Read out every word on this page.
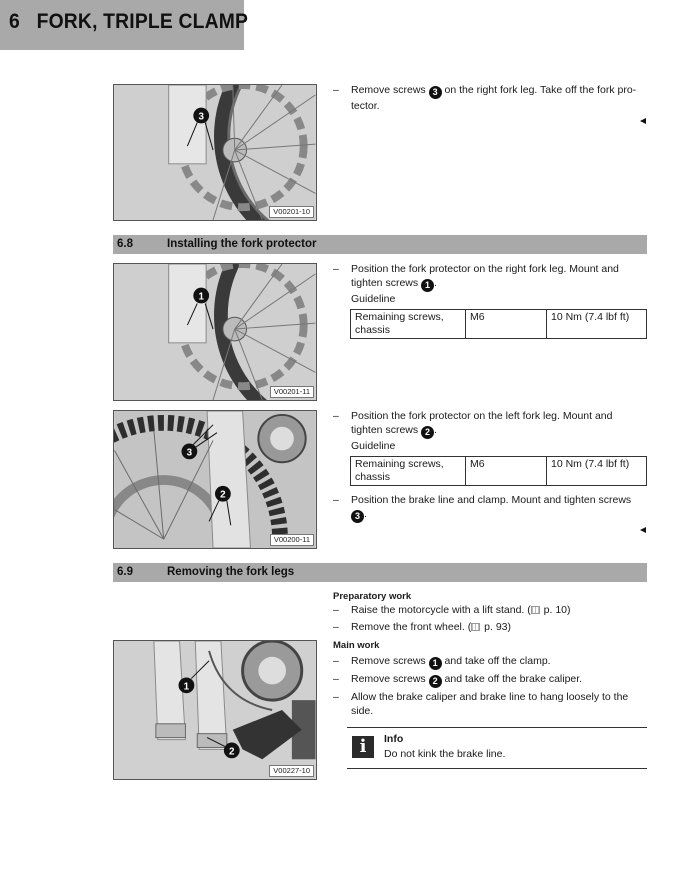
6 FORK, TRIPLE CLAMP
3
V00201-10
– Remove screws 3 on the right fork leg. Take off the fork pro-tector.
6.8	Installing the fork protector
1
V00201-11
– Position the fork protector on the right fork leg. Mount and tighten screws 1 .
Guideline
Remaining screws, chassis	M6	10 Nm (7.4 lbf ft)
3
2
V00200-11
– Position the fork protector on the left fork leg. Mount and tighten screws 2 .
Guideline
Remaining screws, chassis	M6	10 Nm (7.4 lbf ft)
– Position the brake line and clamp. Mount and tighten screws 3 .
6.9	Removing the fork legs
Preparatory work
– Raise the motorcycle with a lift stand. ( p. 10)
– Remove the front wheel. ( p. 93)
Main work
– Remove screws 1 and take off the clamp.
– Remove screws 2 and take off the brake caliper.
– Allow the brake caliper and brake line to hang loosely to the side.
1
2
V00227-10
i	Info
Do not kink the brake line.
